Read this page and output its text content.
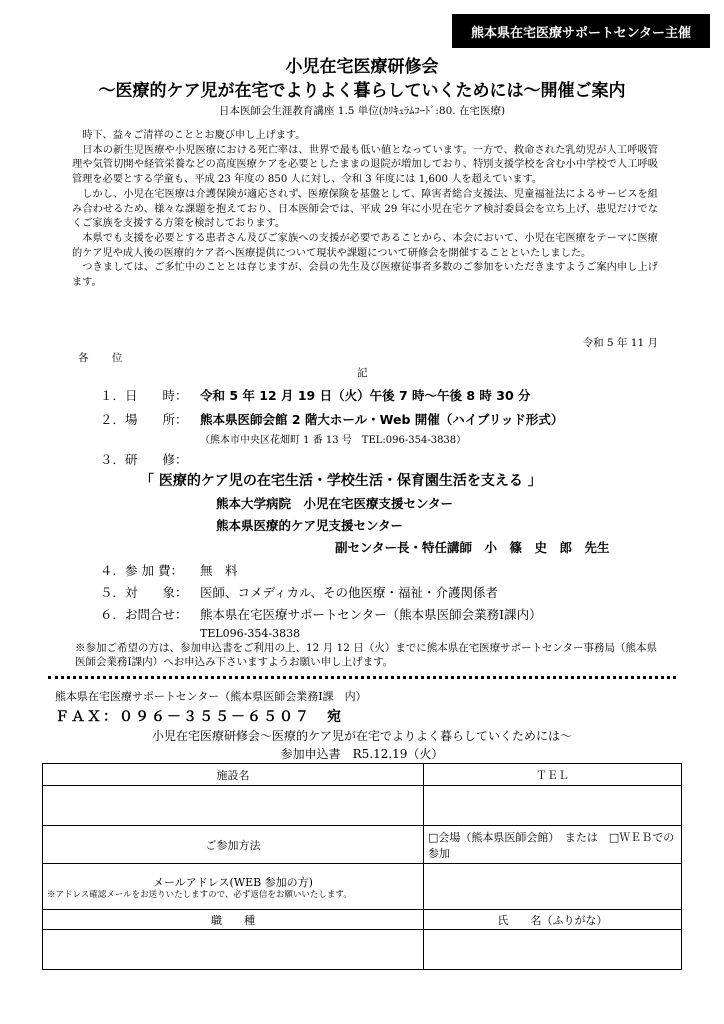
熊本県在宅医療サポートセンター主催
小児在宅医療研修会
～医療的ケア児が在宅でよりよく暮らしていくためには～開催ご案内
日本医師会生涯教育講座 1.5 単位(ｶﾘｷｭﾗﾑｺｰﾄﾞ:80. 在宅医療)

時下、益々ご清祥のこととお慶び申し上げます。

日本の新生児医療や小児医療における死亡率は、世界で最も低い値となっています。一方で、救命された乳幼児が人工呼吸管理や気管切開や経管栄養などの高度医療ケアを必要としたままの退院が増加しており、特別支援学校を含む小中学校で人工呼吸管理を必要とする学童も、平成 23 年度の 850 人に対し、令和 3 年度には 1,600 人を超えています。

しかし、小児在宅医療は介護保険が適応されず、医療保険を基盤として、障害者総合支援法、児童福祉法によるサービスを組み合わせるため、様々な課題を抱えており、日本医師会では、平成 29 年に小児在宅ケア検討委員会を立ち上げ、患児だけでなくご家族を支援する方策を検討しております。

本県でも支援を必要とする患者さん及びご家族への支援が必要であることから、本会において、小児在宅医療をテーマに医療的ケア児や成人後の医療的ケア者へ医療提供について現状や課題について研修会を開催することといたしました。

つきましては、ご多忙中のこととは存じますが、会員の先生及び医療従事者多数のご参加をいただきますようご案内申し上げます。

令和 5 年 11 月
各 位
記
１．日　　時： 令和 5 年 12 月 19 日（火）午後 7 時～午後 8 時 30 分
２．場　　所： 熊本県医師会館 2 階大ホール・Web 開催（ハイブリッド形式）
（熊本市中央区花畑町 1 番 13 号　TEL:096-354-3838）
３．研　　修：
「 医療的ケア児の在宅生活・学校生活・保育園生活を支える 」
熊本大学病院　小児在宅医療支援センター
熊本県医療的ケア児支援センター
副センター長・特任講師　小　篠　史　郎　先生
４．参 加 費： 無　料
５．対　　象： 医師、コメディカル、その他医療・福祉・介護関係者
６．お問合せ： 熊本県在宅医療サポートセンター（熊本県医師会業務Ⅰ課内）
TEL096-354-3838
※参加ご希望の方は、参加申込書をご利用の上、12 月 12 日（火）までに熊本県在宅医療サポートセンター事務局（熊本県医師会業務Ⅰ課内）へお申込み下さいますようお願い申し上げます。
熊本県在宅医療サポートセンター（熊本県医師会業務Ⅰ課　内）
ＦＡＸ：０９６－３５５－６５０７　宛
小児在宅医療研修会～医療的ケア児が在宅でよりよく暮らしていくためには～
参加申込書　R5.12.19（火）
施設名	ＴＥＬ

ご参加方法	□会場（熊本県医師会館）　または　□ＷＥＢでの参加

メールアドレス(WEB 参加の方)
※アドレス確認メールをお送りいたしますので、必ず返信をお願いいたします。	

職　　種	氏　　名（ふりがな）
